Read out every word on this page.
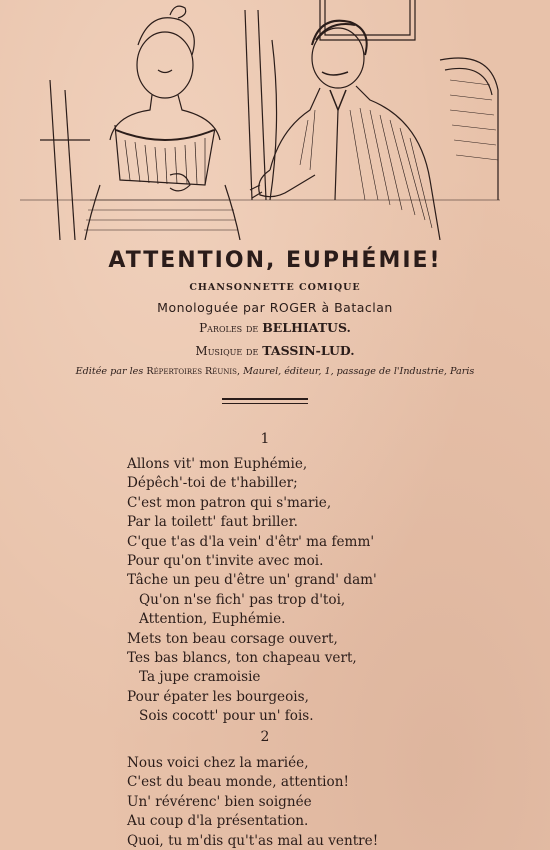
ATTENTION, EUPHÉMIE!
CHANSONNETTE COMIQUE
Monologuée par ROGER à Bataclan
Paroles de BELHIATUS.
Musique de TASSIN-LUD.
Editée par les Répertoires Réunis, Maurel, éditeur, 1, passage de l'Industrie, Paris
1
Allons vit' mon Euphémie,
Dépêch'-toi de t'habiller;
C'est mon patron qui s'marie,
Par la toilett' faut briller.
C'que t'as d'la vein' d'êtr' ma femm'
Pour qu'on t'invite avec moi.
Tâche un peu d'être un' grand' dam'
Qu'on n'se fich' pas trop d'toi,
Attention, Euphémie.
Mets ton beau corsage ouvert,
Tes bas blancs, ton chapeau vert,
Ta jupe cramoisie
Pour épater les bourgeois,
Sois cocott' pour un' fois.
2
Nous voici chez la mariée,
C'est du beau monde, attention!
Un' révérenc' bien soignée
Au coup d'la présentation.
Quoi, tu m'dis qu't'as mal au ventre!
